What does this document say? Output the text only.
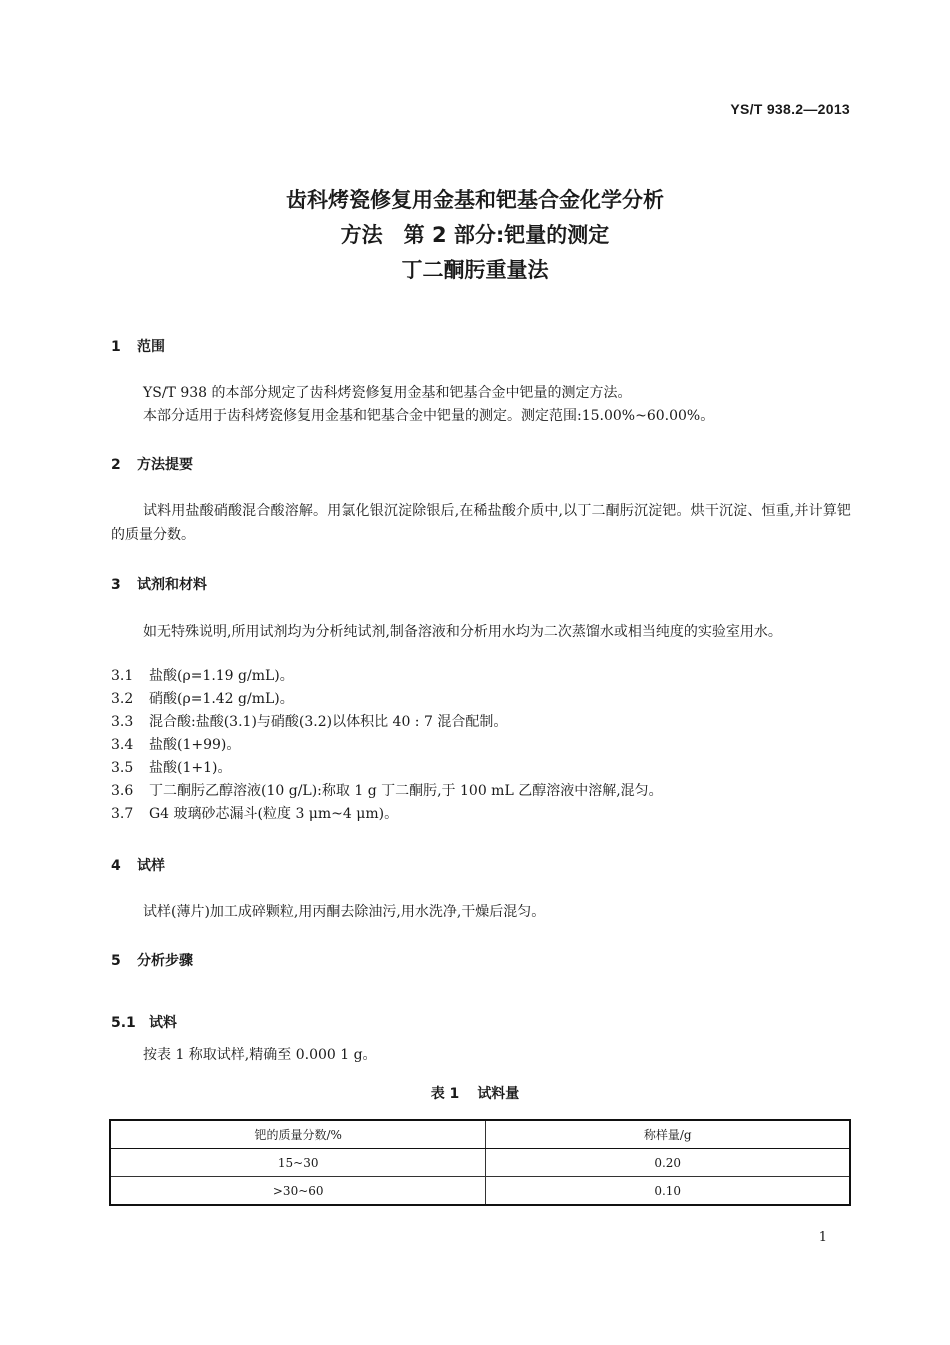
YS/T 938.2—2013
齿科烤瓷修复用金基和钯基合金化学分析
方法　第 2 部分:钯量的测定
丁二酮肟重量法
1 范围
YS/T 938 的本部分规定了齿科烤瓷修复用金基和钯基合金中钯量的测定方法。
本部分适用于齿科烤瓷修复用金基和钯基合金中钯量的测定。测定范围:15.00%~60.00%。
2 方法提要
试料用盐酸硝酸混合酸溶解。用氯化银沉淀除银后,在稀盐酸介质中,以丁二酮肟沉淀钯。烘干沉淀、恒重,并计算钯的质量分数。
3 试剂和材料
如无特殊说明,所用试剂均为分析纯试剂,制备溶液和分析用水均为二次蒸馏水或相当纯度的实验室用水。
3.1 盐酸(ρ=1.19 g/mL)。
3.2 硝酸(ρ=1.42 g/mL)。
3.3 混合酸:盐酸(3.1)与硝酸(3.2)以体积比 40 : 7 混合配制。
3.4 盐酸(1+99)。
3.5 盐酸(1+1)。
3.6 丁二酮肟乙醇溶液(10 g/L):称取 1 g 丁二酮肟,于 100 mL 乙醇溶液中溶解,混匀。
3.7 G4 玻璃砂芯漏斗(粒度 3 μm~4 μm)。
4 试样
试样(薄片)加工成碎颗粒,用丙酮去除油污,用水洗净,干燥后混匀。
5 分析步骤
5.1 试料
按表 1 称取试样,精确至 0.000 1 g。
表 1 试料量
钯的质量分数/%	称样量/g
15~30	0.20
>30~60	0.10
1
